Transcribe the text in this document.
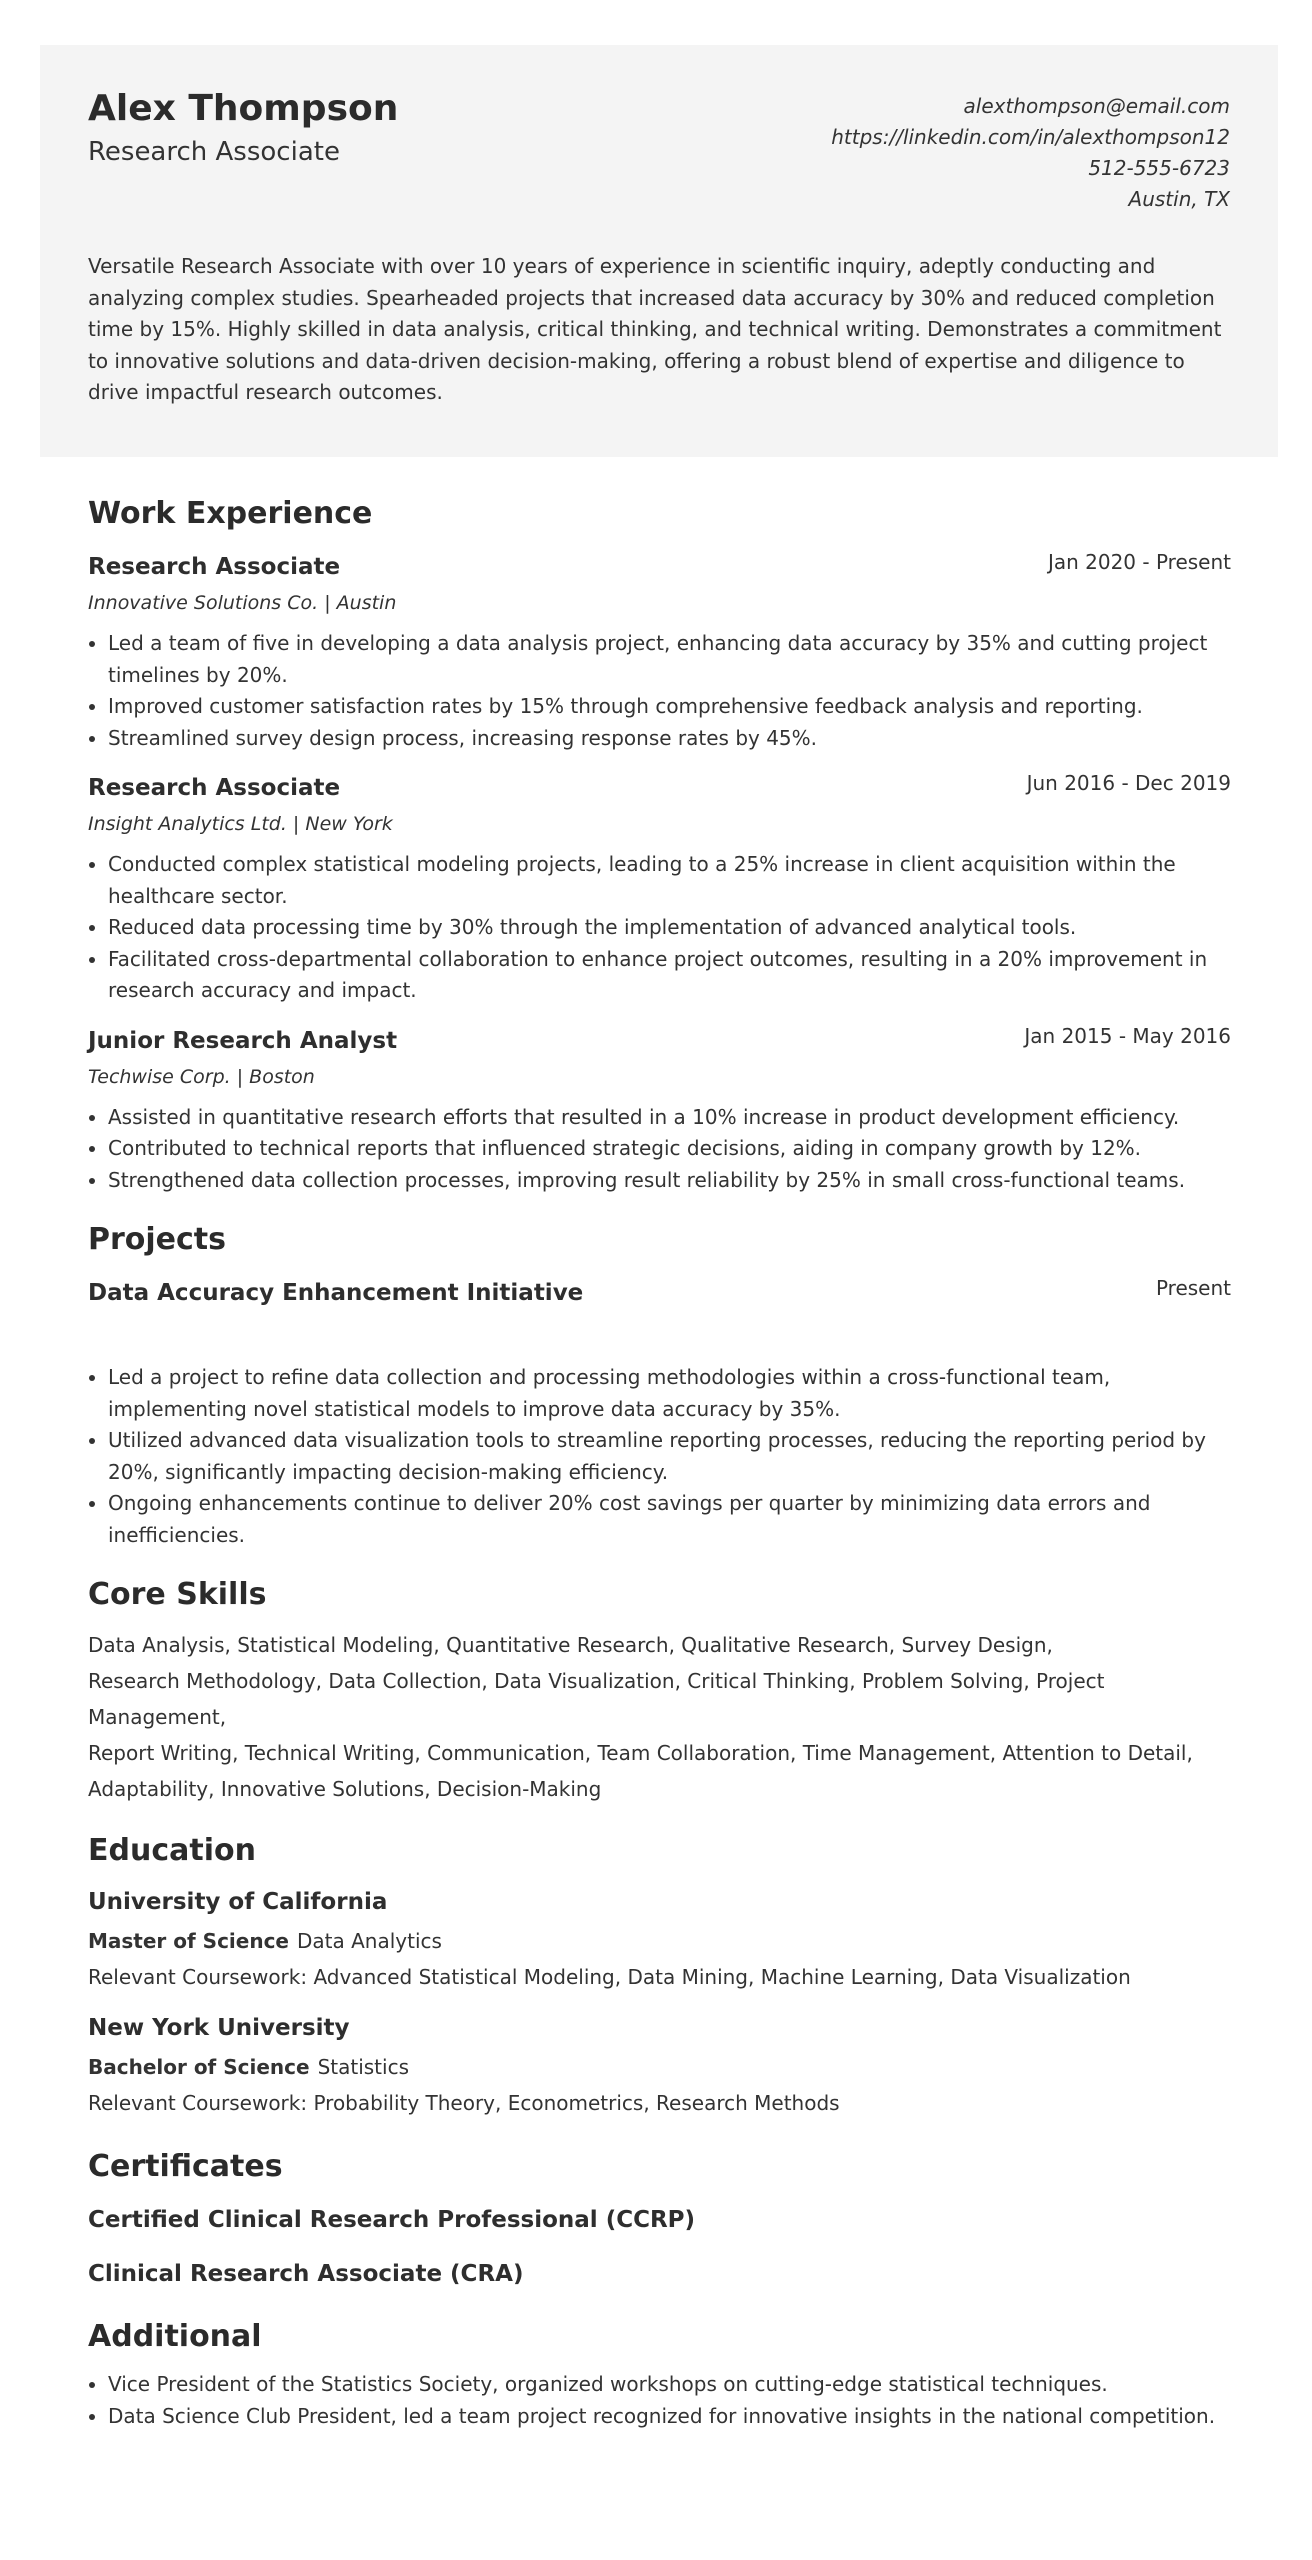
Alex Thompson
Research Associate
alexthompson@email.com
https://linkedin.com/in/alexthompson12
512-555-6723
Austin, TX

Versatile Research Associate with over 10 years of experience in scientific inquiry, adeptly conducting and analyzing complex studies. Spearheaded projects that increased data accuracy by 30% and reduced completion time by 15%. Highly skilled in data analysis, critical thinking, and technical writing. Demonstrates a commitment to innovative solutions and data-driven decision-making, offering a robust blend of expertise and diligence to drive impactful research outcomes.

Work Experience
Research Associate	Jan 2020 - Present
Innovative Solutions Co. | Austin
• Led a team of five in developing a data analysis project, enhancing data accuracy by 35% and cutting project timelines by 20%.
• Improved customer satisfaction rates by 15% through comprehensive feedback analysis and reporting.
• Streamlined survey design process, increasing response rates by 45%.
Research Associate	Jun 2016 - Dec 2019
Insight Analytics Ltd. | New York
• Conducted complex statistical modeling projects, leading to a 25% increase in client acquisition within the healthcare sector.
• Reduced data processing time by 30% through the implementation of advanced analytical tools.
• Facilitated cross-departmental collaboration to enhance project outcomes, resulting in a 20% improvement in research accuracy and impact.
Junior Research Analyst	Jan 2015 - May 2016
Techwise Corp. | Boston
• Assisted in quantitative research efforts that resulted in a 10% increase in product development efficiency.
• Contributed to technical reports that influenced strategic decisions, aiding in company growth by 12%.
• Strengthened data collection processes, improving result reliability by 25% in small cross-functional teams.
Projects
Data Accuracy Enhancement Initiative	Present
• Led a project to refine data collection and processing methodologies within a cross-functional team, implementing novel statistical models to improve data accuracy by 35%.
• Utilized advanced data visualization tools to streamline reporting processes, reducing the reporting period by 20%, significantly impacting decision-making efficiency.
• Ongoing enhancements continue to deliver 20% cost savings per quarter by minimizing data errors and inefficiencies.
Core Skills
Data Analysis, Statistical Modeling, Quantitative Research, Qualitative Research, Survey Design,
Research Methodology, Data Collection, Data Visualization, Critical Thinking, Problem Solving, Project Management,
Report Writing, Technical Writing, Communication, Team Collaboration, Time Management, Attention to Detail,
Adaptability, Innovative Solutions, Decision-Making
Education
University of California
Master of Science Data Analytics
Relevant Coursework: Advanced Statistical Modeling, Data Mining, Machine Learning, Data Visualization
New York University
Bachelor of Science Statistics
Relevant Coursework: Probability Theory, Econometrics, Research Methods
Certificates
Certified Clinical Research Professional (CCRP)
Clinical Research Associate (CRA)
Additional
• Vice President of the Statistics Society, organized workshops on cutting-edge statistical techniques.
• Data Science Club President, led a team project recognized for innovative insights in the national competition.
